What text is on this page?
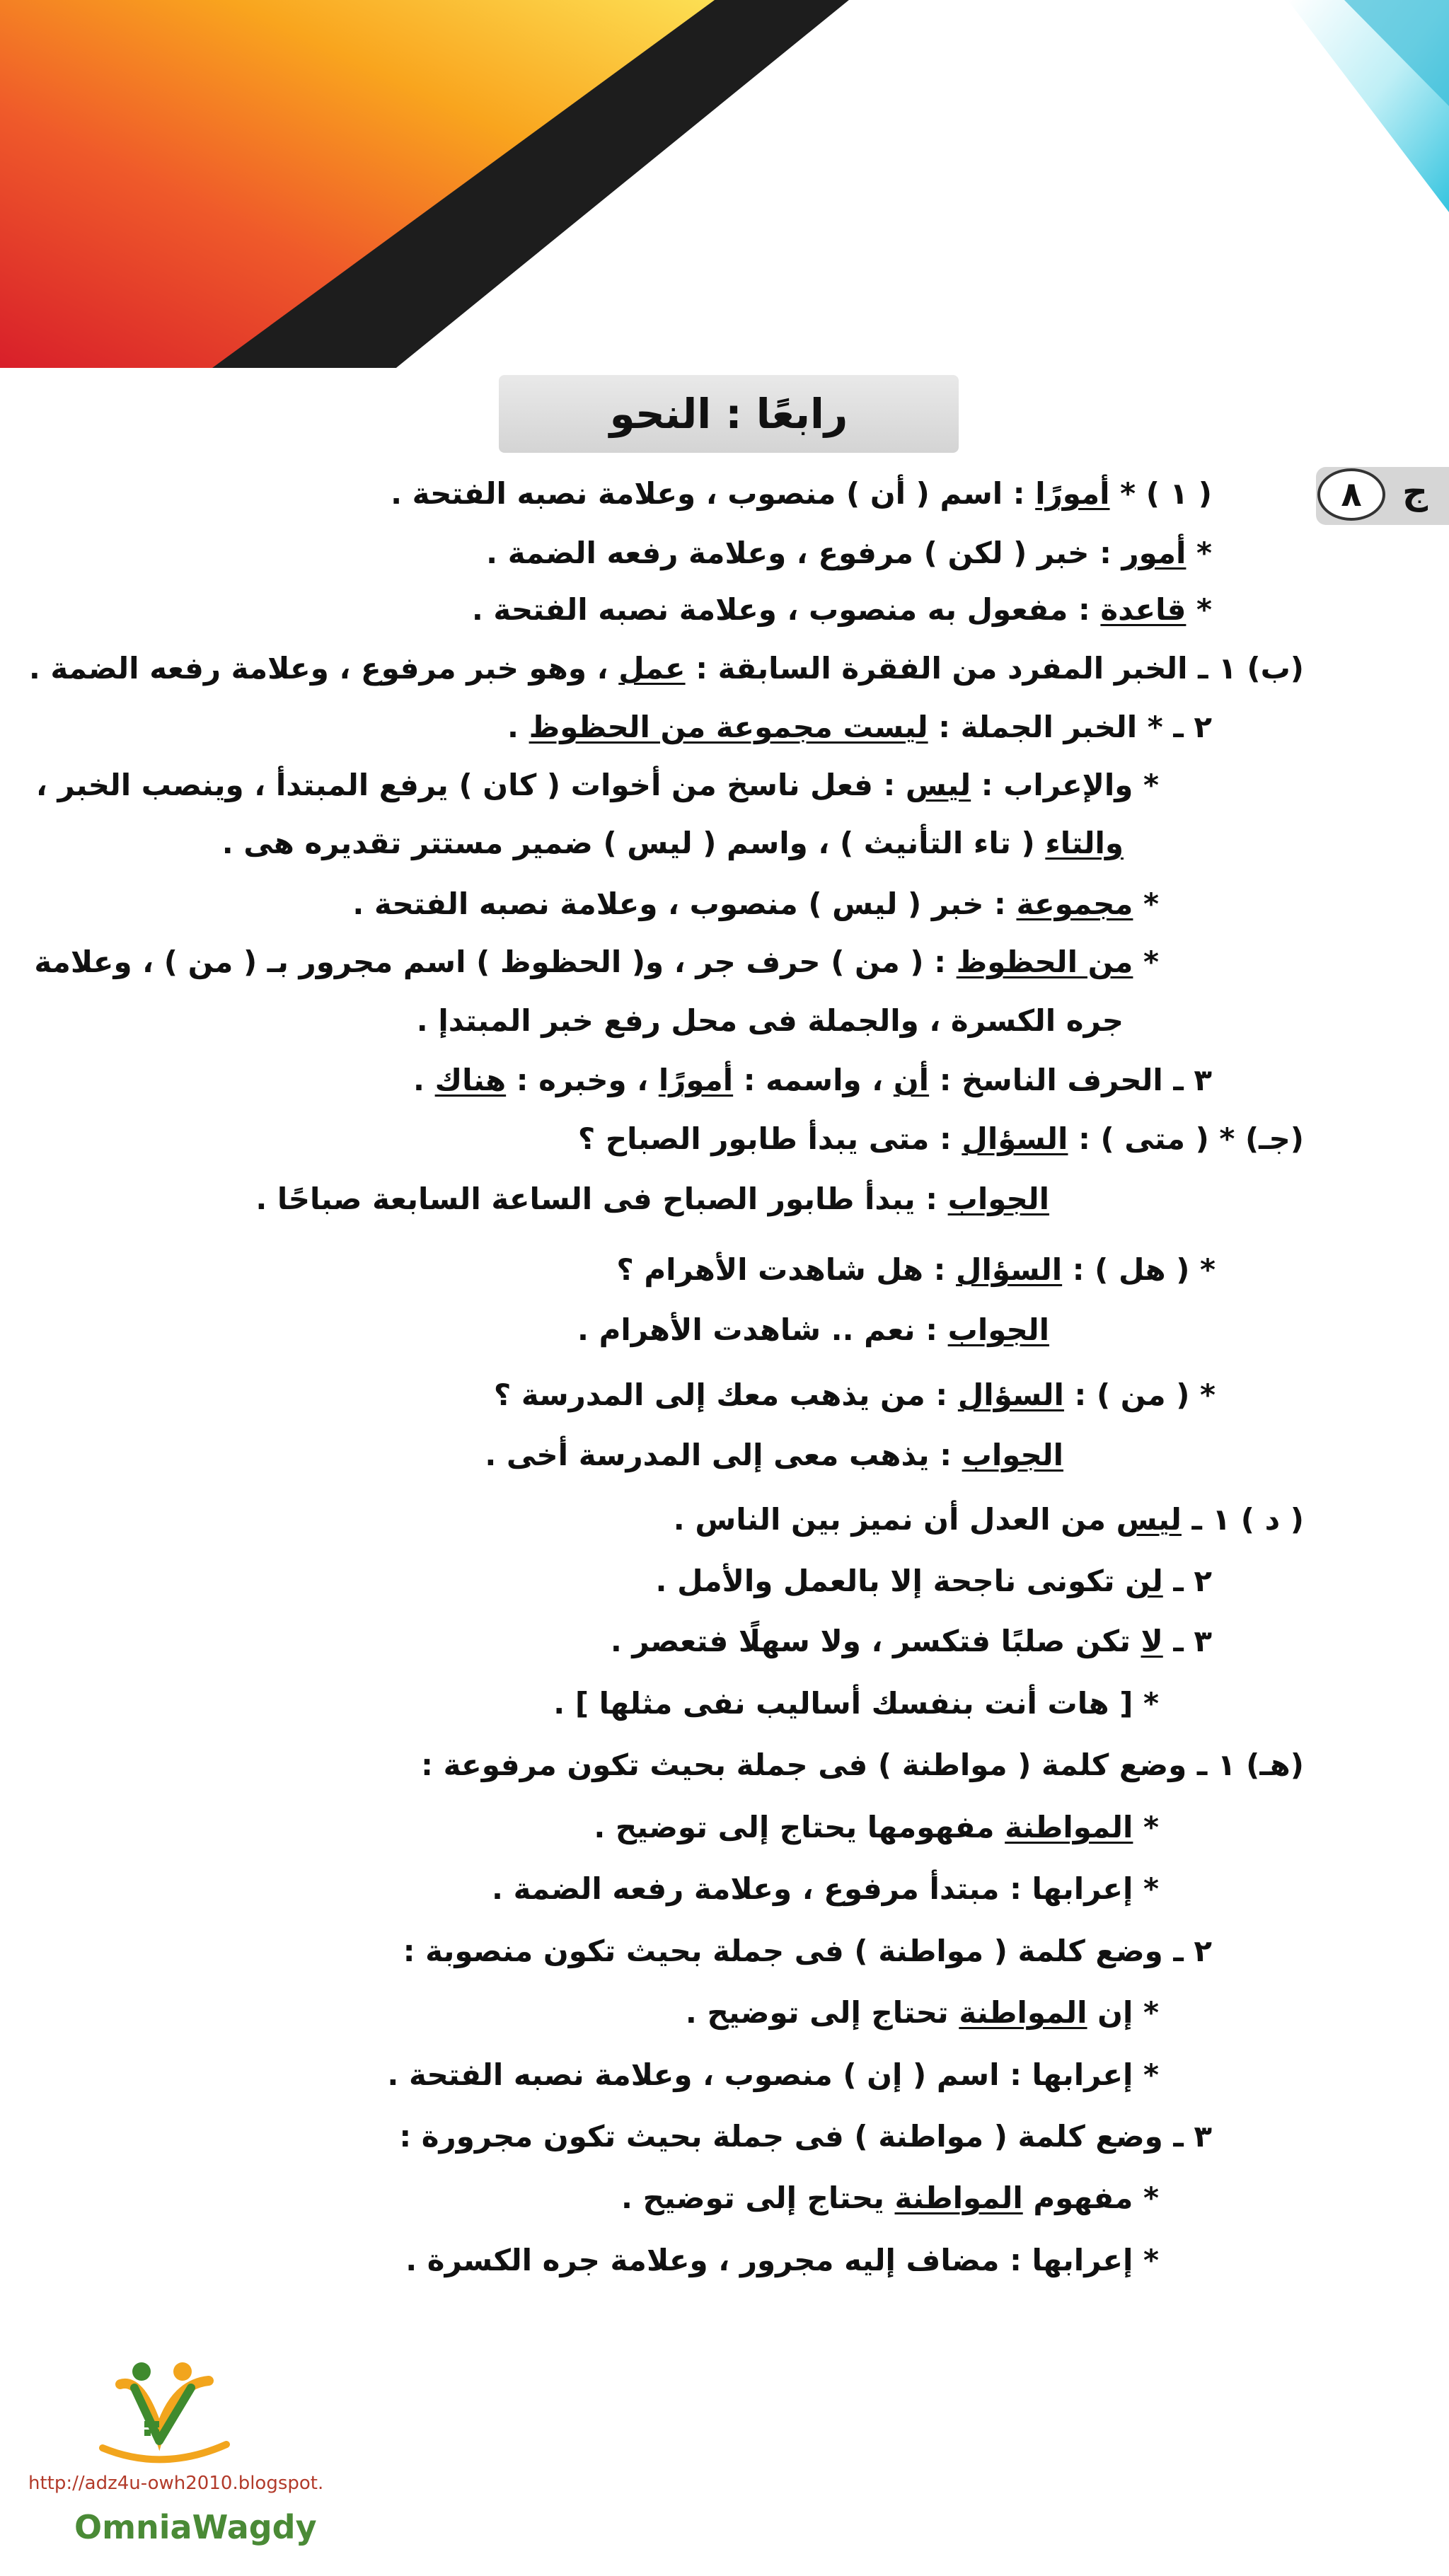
رابعًا : النحو
ج
٨
( ١ ) * أمورًا : اسم ( أن ) منصوب ، وعلامة نصبه الفتحة .
* أمور : خبر ( لكن ) مرفوع ، وعلامة رفعه الضمة .
* قاعدة : مفعول به منصوب ، وعلامة نصبه الفتحة .
(ب) ١ ـ الخبر المفرد من الفقرة السابقة : عمل ، وهو خبر مرفوع ، وعلامة رفعه الضمة .
٢ ـ * الخبر الجملة : ليست مجموعة من الحظوظ .
* والإعراب : ليس : فعل ناسخ من أخوات ( كان ) يرفع المبتدأ ، وينصب الخبر ،
والتاء ( تاء التأنيث ) ، واسم ( ليس ) ضمير مستتر تقديره هى .
* مجموعة : خبر ( ليس ) منصوب ، وعلامة نصبه الفتحة .
* من الحظوظ : ( من ) حرف جر ، و( الحظوظ ) اسم مجرور بـ ( من ) ، وعلامة
جره الكسرة ، والجملة فى محل رفع خبر المبتدإ .
٣ ـ الحرف الناسخ : أن ، واسمه : أمورًا ، وخبره : هناك .
(جـ) * ( متى ) : السؤال : متى يبدأ طابور الصباح ؟
الجواب : يبدأ طابور الصباح فى الساعة السابعة صباحًا .
* ( هل ) : السؤال : هل شاهدت الأهرام ؟
الجواب : نعم .. شاهدت الأهرام .
* ( من ) : السؤال : من يذهب معك إلى المدرسة ؟
الجواب : يذهب معى إلى المدرسة أخى .
( د ) ١ ـ ليس من العدل أن نميز بين الناس .
٢ ـ لن تكونى ناجحة إلا بالعمل والأمل .
٣ ـ لا تكن صلبًا فتكسر ، ولا سهلًا فتعصر .
* [ هات أنت بنفسك أساليب نفى مثلها ] .
(هـ) ١ ـ وضع كلمة ( مواطنة ) فى جملة بحيث تكون مرفوعة :
* المواطنة مفهومها يحتاج إلى توضيح .
* إعرابها : مبتدأ مرفوع ، وعلامة رفعه الضمة .
٢ ـ وضع كلمة ( مواطنة ) فى جملة بحيث تكون منصوبة :
* إن المواطنة تحتاج إلى توضيح .
* إعرابها : اسم ( إن ) منصوب ، وعلامة نصبه الفتحة .
٣ ـ وضع كلمة ( مواطنة ) فى جملة بحيث تكون مجرورة :
* مفهوم المواطنة يحتاج إلى توضيح .
* إعرابها : مضاف إليه مجرور ، وعلامة جره الكسرة .
http://adz4u-owh2010.blogspot.
OmniaWagdy
